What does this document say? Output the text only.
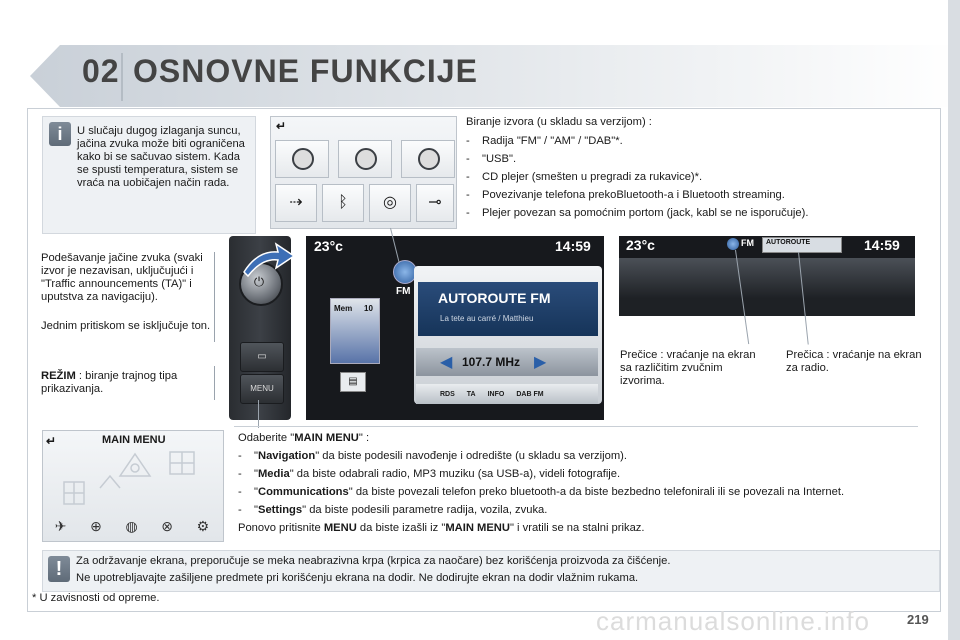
02 OSNOVNE FUNKCIJE
i	U slučaju dugog izlaganja suncu, jačina zvuka može biti ograničena kako bi se sačuvao sistem. Kada se spusti temperatura, sistem se vraća na uobičajen način rada.
↵
⇢	ᛒ	◎	⊸
Biranje izvora (u skladu sa verzijom) :
- Radija "FM" / "AM" / "DAB"*.
- "USB".
- CD plejer (smešten u pregradi za rukavice)*.
- Povezivanje telefona prekoBluetooth-a i Bluetooth streaming.
- Plejer povezan sa pomoćnim portom (jack, kabl se ne isporučuje).
Podešavanje jačine zvuka (svaki izvor je nezavisan, uključujući i "Traffic announcements (TA)" i uputstva za navigaciju).
Jednim pritiskom se isključuje ton.
REŽIM : biranje trajnog tipa prikazivanja.
⏻
▭
MENU
23°c	14:59
FM AUTOROUTE FM
La tete au carré / Matthieu
Mem 10
▤
◀ 107.7 MHz ▶
RDS TA INFO DAB FM
23°c	FM AUTOROUTE	14:59
Prečice : vraćanje na ekran sa različitim zvučnim izvorima.
Prečica : vraćanje na ekran za radio.
↵	MAIN MENU
✈ ⊕ ◍ ⊗ ⚙
Odaberite "MAIN MENU" :
- "Navigation" da biste podesili navođenje i odredište (u skladu sa verzijom).
- "Media" da biste odabrali radio, MP3 muziku (sa USB-a), videli fotografije.
- "Communications" da biste povezali telefon preko bluetooth-a da biste bezbedno telefonirali ili se povezali na Internet.
- "Settings" da biste podesili parametre radija, vozila, zvuka.
Ponovo pritisnite MENU da biste izašli iz "MAIN MENU" i vratili se na stalni prikaz.
!	Za održavanje ekrana, preporučuje se meka neabrazivna krpa (krpica za naočare) bez korišćenja proizvoda za čišćenje.
Ne upotrebljavajte zašiljene predmete pri korišćenju ekrana na dodir. Ne dodirujte ekran na dodir vlažnim rukama.
* U zavisnosti od opreme.
219
carmanualsonline.info
